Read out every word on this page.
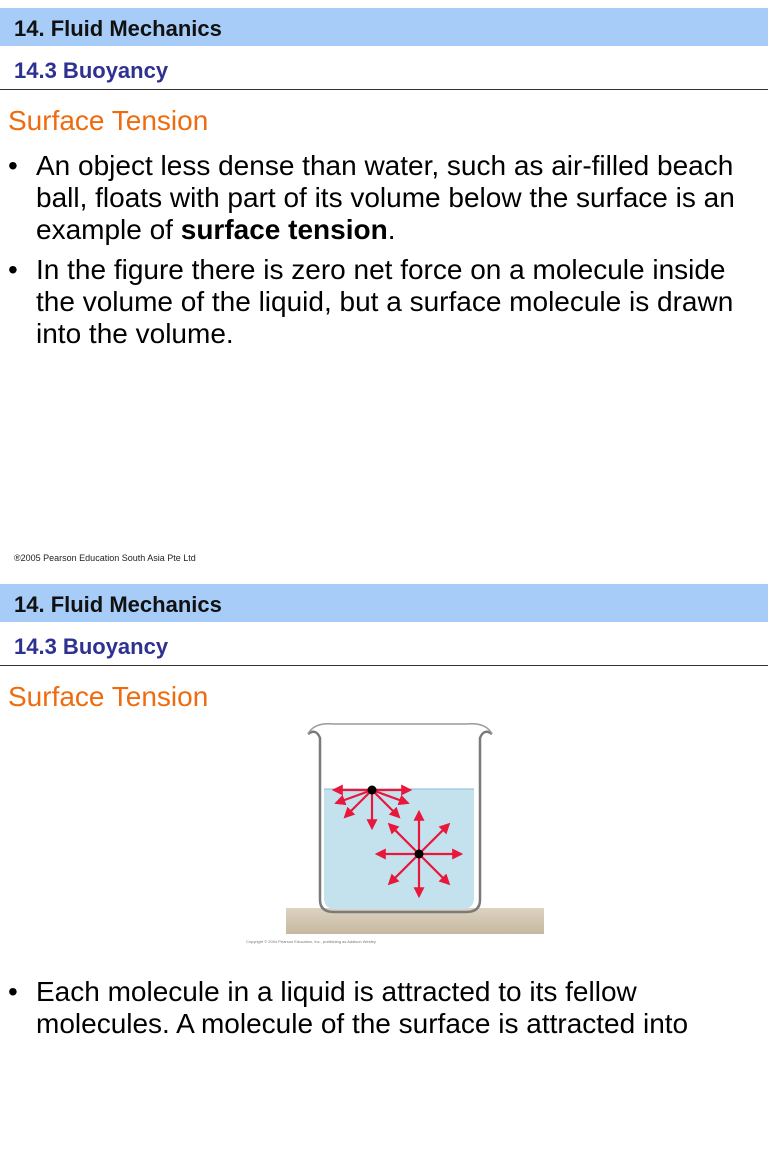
14. Fluid Mechanics
14.3 Buoyancy
Surface Tension
• An object less dense than water, such as air-filled beach ball, floats with part of its volume below the surface is an example of surface tension.
• In the figure there is zero net force on a molecule inside the volume of the liquid, but a surface molecule is drawn into the volume.
®2005 Pearson Education South Asia Pte Ltd
14. Fluid Mechanics
14.3 Buoyancy
Surface Tension
Copyright © 2004 Pearson Education, Inc., publishing as Addison Wesley
• Each molecule in a liquid is attracted to its fellow molecules. A molecule of the surface is attracted into
